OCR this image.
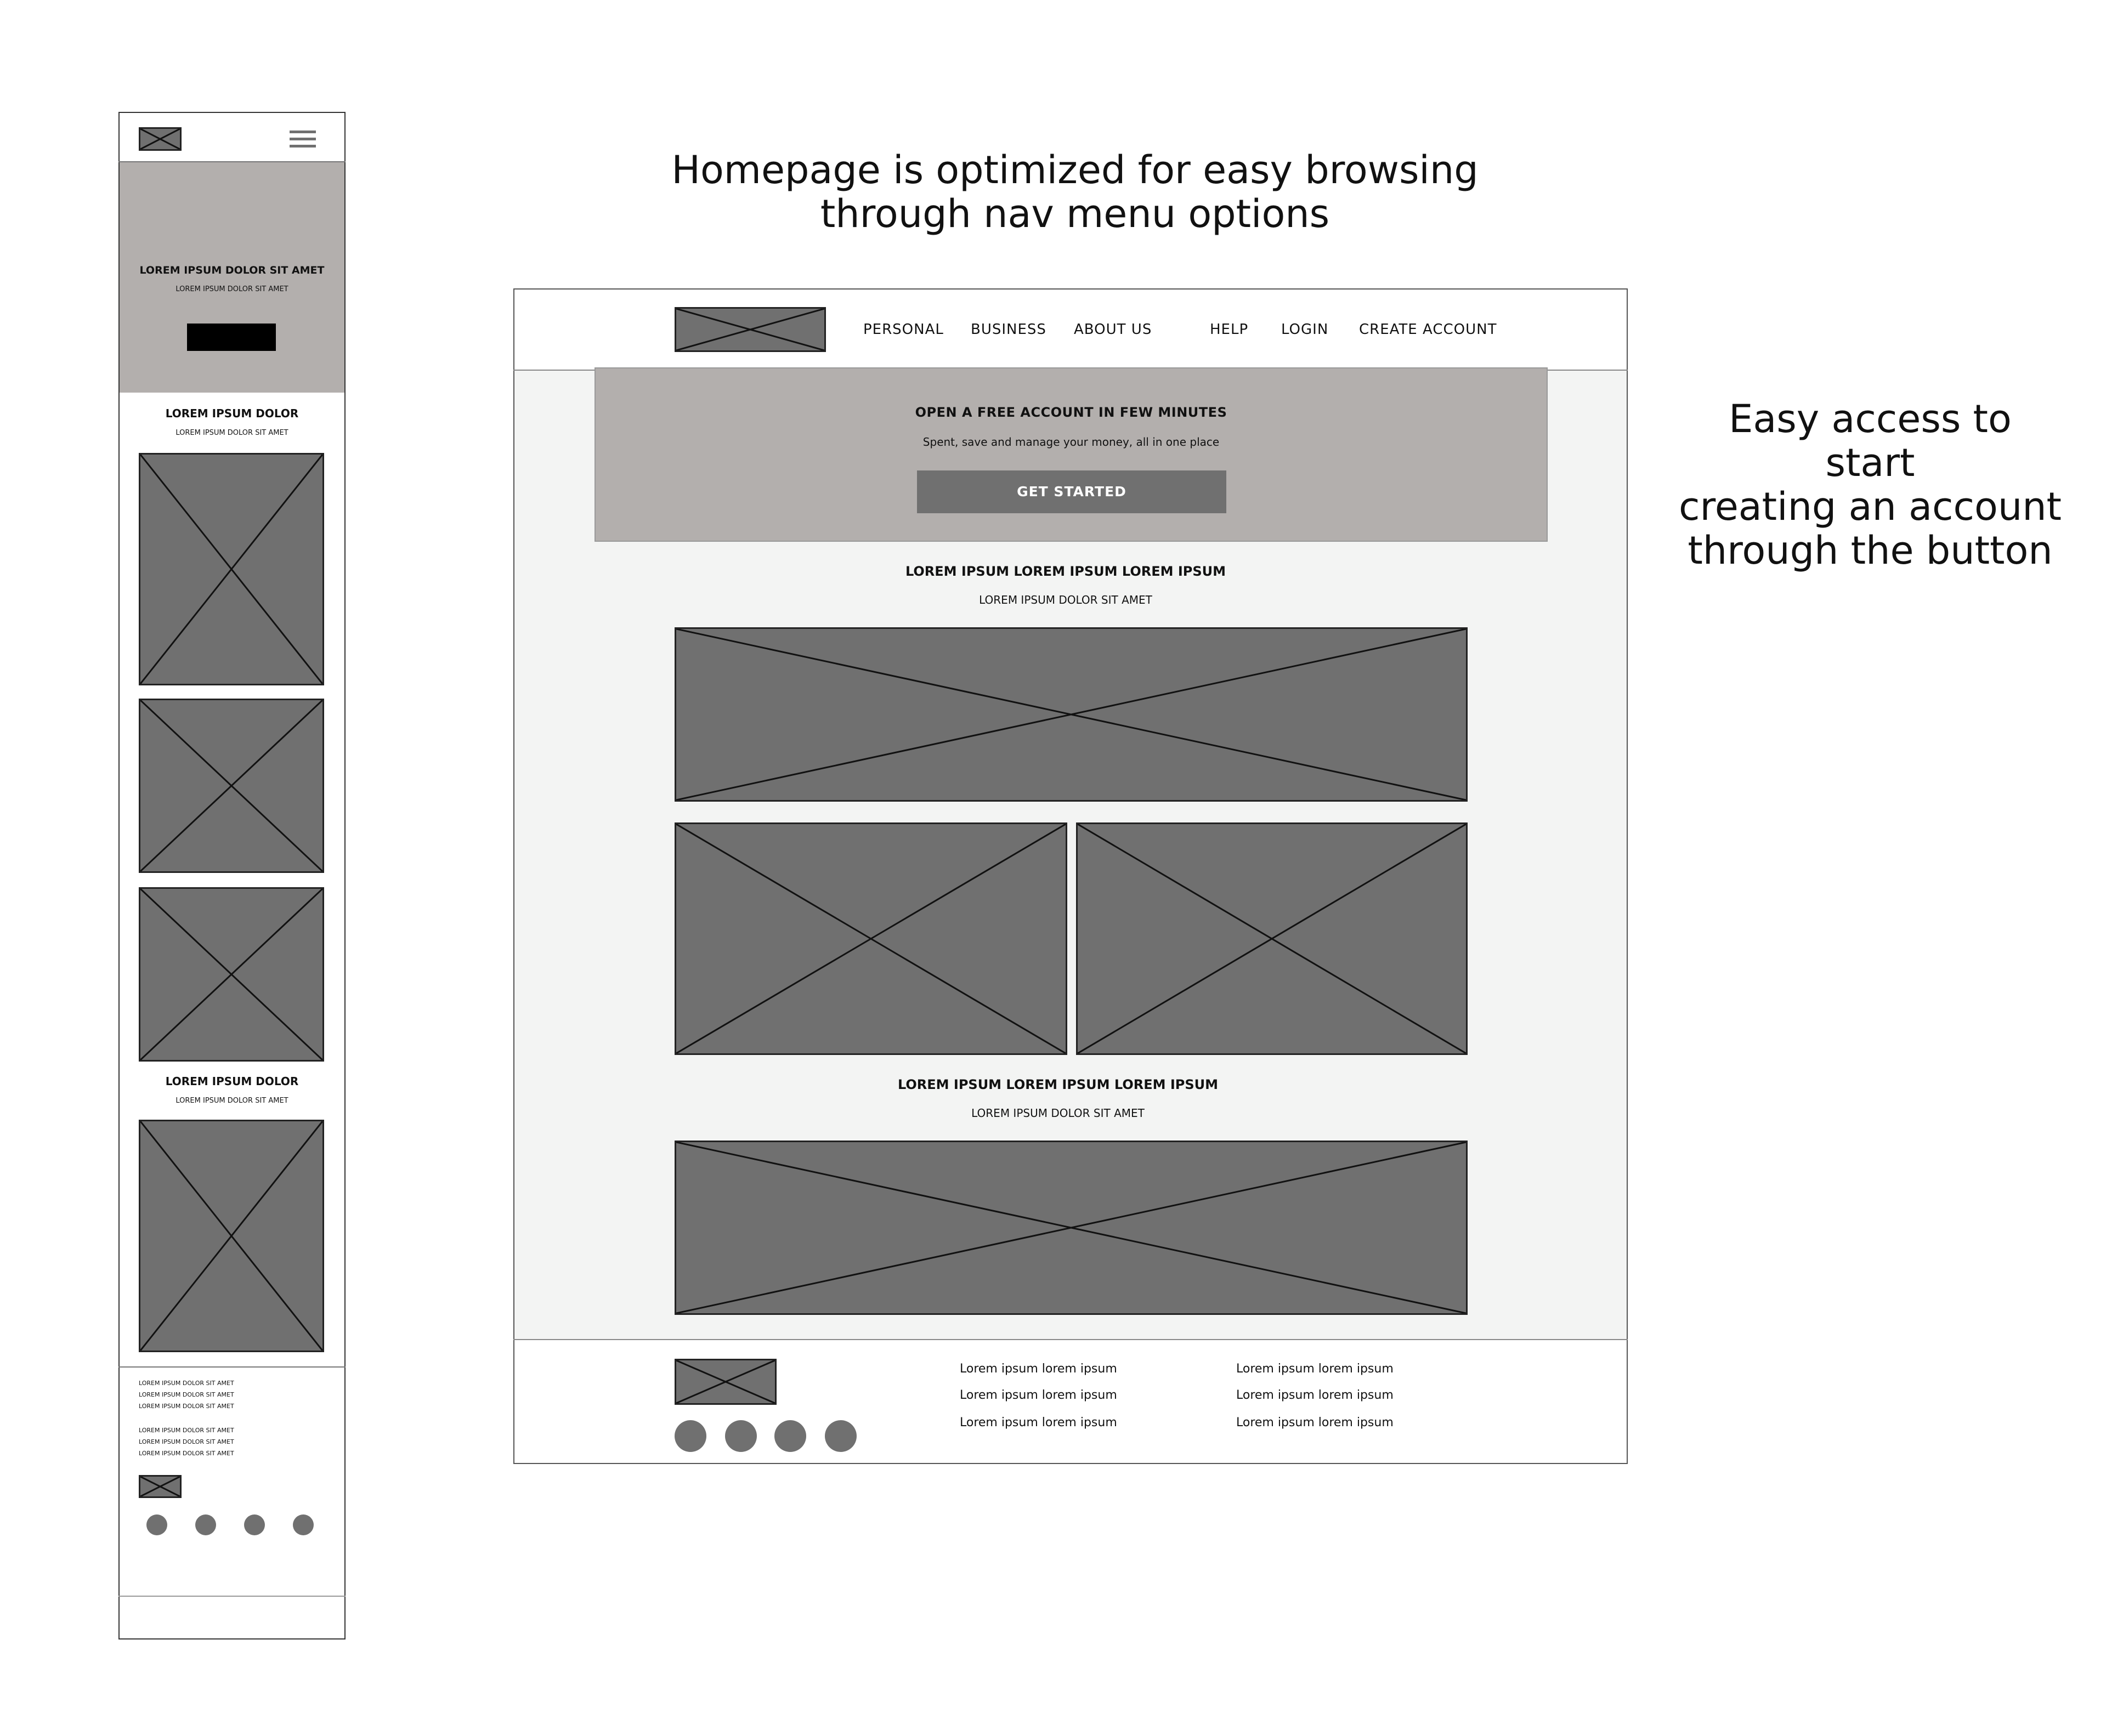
Homepage is optimized for easy browsing
through nav menu options
Easy access to start
creating an account
through the button
LOREM IPSUM DOLOR SIT AMET
LOREM IPSUM DOLOR SIT AMET
LOREM IPSUM DOLOR
LOREM IPSUM DOLOR SIT AMET
LOREM IPSUM DOLOR
LOREM IPSUM DOLOR SIT AMET
LOREM IPSUM DOLOR SIT AMET
LOREM IPSUM DOLOR SIT AMET
LOREM IPSUM DOLOR SIT AMET
LOREM IPSUM DOLOR SIT AMET
LOREM IPSUM DOLOR SIT AMET
LOREM IPSUM DOLOR SIT AMET
PERSONAL BUSINESS ABOUT US	HELP LOGIN CREATE ACCOUNT
OPEN A FREE ACCOUNT IN FEW MINUTES
Spent, save and manage your money, all in one place
GET STARTED
LOREM IPSUM LOREM IPSUM LOREM IPSUM
LOREM IPSUM DOLOR SIT AMET
LOREM IPSUM LOREM IPSUM LOREM IPSUM
LOREM IPSUM DOLOR SIT AMET
Lorem ipsum lorem ipsum
Lorem ipsum lorem ipsum
Lorem ipsum lorem ipsum
Lorem ipsum lorem ipsum
Lorem ipsum lorem ipsum
Lorem ipsum lorem ipsum
